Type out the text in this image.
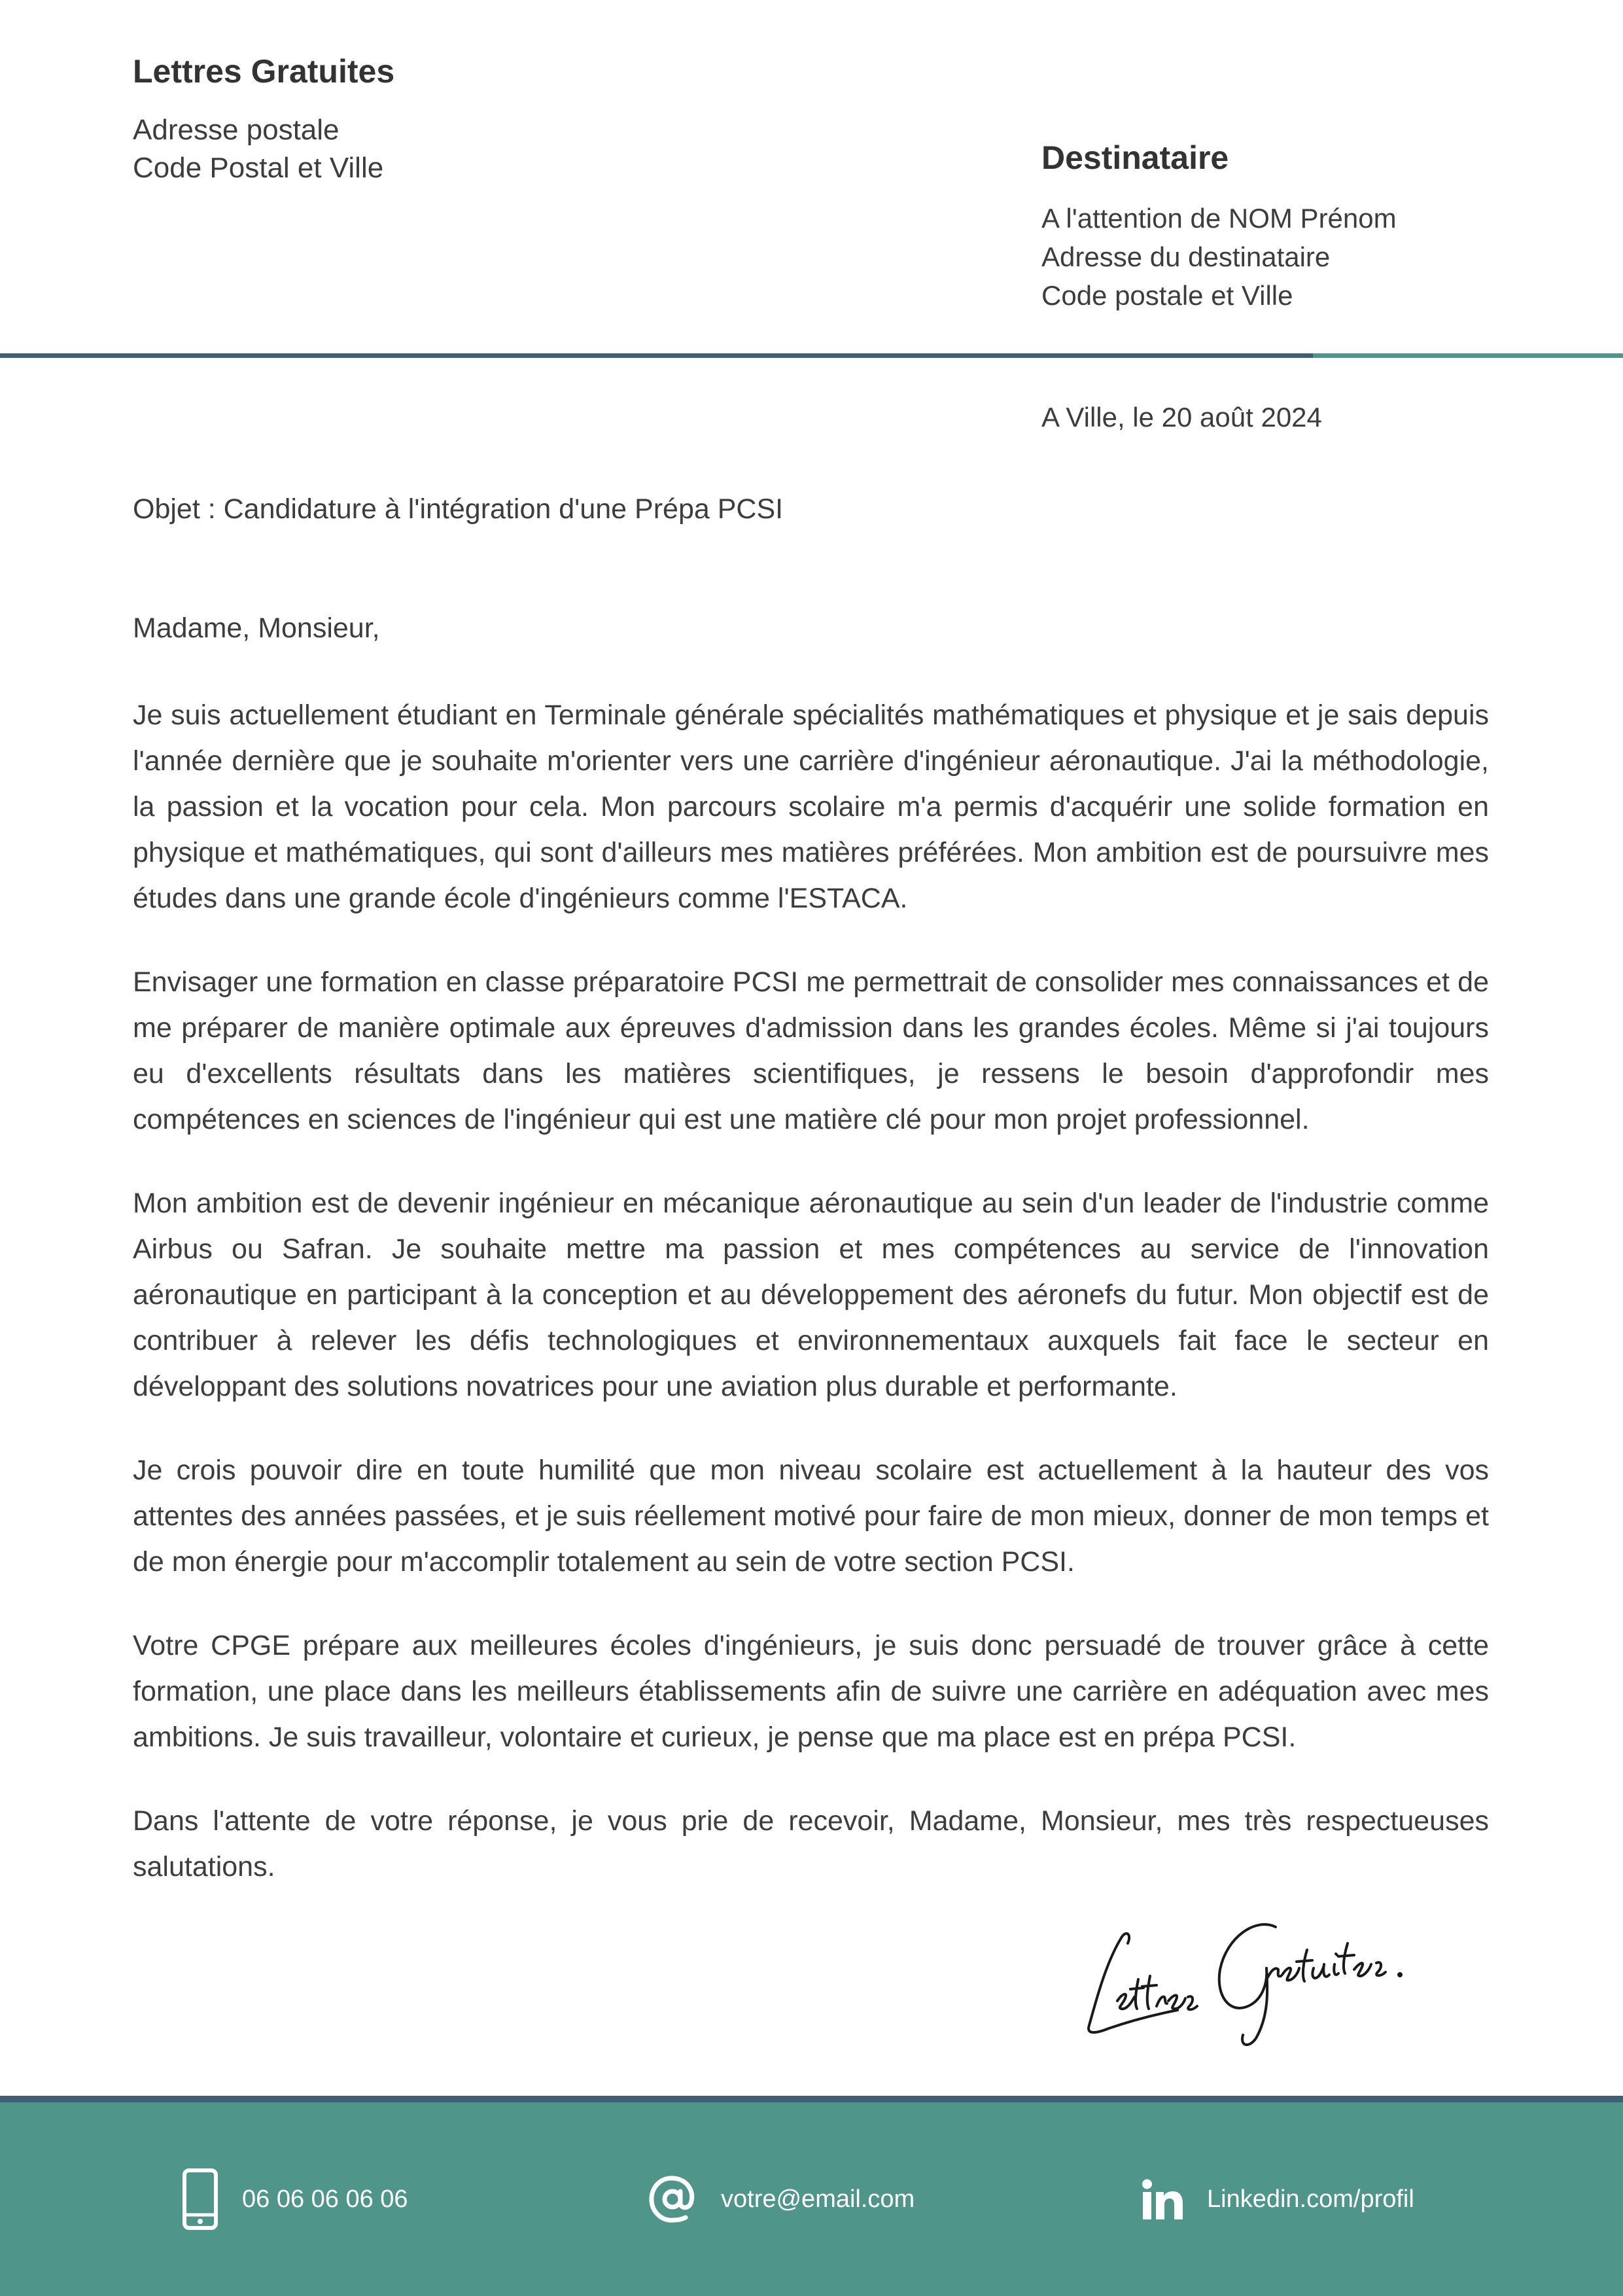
Lettres Gratuites
Adresse postale
Code Postal et Ville	Destinataire
A l'attention de NOM Prénom
Adresse du destinataire
Code postale et Ville
A Ville, le 20 août 2024
Objet : Candidature à l'intégration d'une Prépa PCSI
Madame, Monsieur,

Je suis actuellement étudiant en Terminale générale spécialités mathématiques et physique et je sais depuis l'année dernière que je souhaite m'orienter vers une carrière d'ingénieur aéronautique. J'ai la méthodologie, la passion et la vocation pour cela. Mon parcours scolaire m'a permis d'acquérir une solide formation en physique et mathématiques, qui sont d'ailleurs mes matières préférées. Mon ambition est de poursuivre mes études dans une grande école d'ingénieurs comme l'ESTACA.

Envisager une formation en classe préparatoire PCSI me permettrait de consolider mes connaissances et de me préparer de manière optimale aux épreuves d'admission dans les grandes écoles. Même si j'ai toujours eu d'excellents résultats dans les matières scientifiques, je ressens le besoin d'approfondir mes compétences en sciences de l'ingénieur qui est une matière clé pour mon projet professionnel.

Mon ambition est de devenir ingénieur en mécanique aéronautique au sein d'un leader de l'industrie comme Airbus ou Safran. Je souhaite mettre ma passion et mes compétences au service de l'innovation aéronautique en participant à la conception et au développement des aéronefs du futur. Mon objectif est de contribuer à relever les défis technologiques et environnementaux auxquels fait face le secteur en développant des solutions novatrices pour une aviation plus durable et performante.

Je crois pouvoir dire en toute humilité que mon niveau scolaire est actuellement à la hauteur des vos attentes des années passées, et je suis réellement motivé pour faire de mon mieux, donner de mon temps et de mon énergie pour m'accomplir totalement au sein de votre section PCSI.

Votre CPGE prépare aux meilleures écoles d'ingénieurs, je suis donc persuadé de trouver grâce à cette formation, une place dans les meilleurs établissements afin de suivre une carrière en adéquation avec mes ambitions. Je suis travailleur, volontaire et curieux, je pense que ma place est en prépa PCSI.

Dans l'attente de votre réponse, je vous prie de recevoir, Madame, Monsieur, mes très respectueuses salutations.

06 06 06 06 06	votre@email.com	Linkedin.com/profil
